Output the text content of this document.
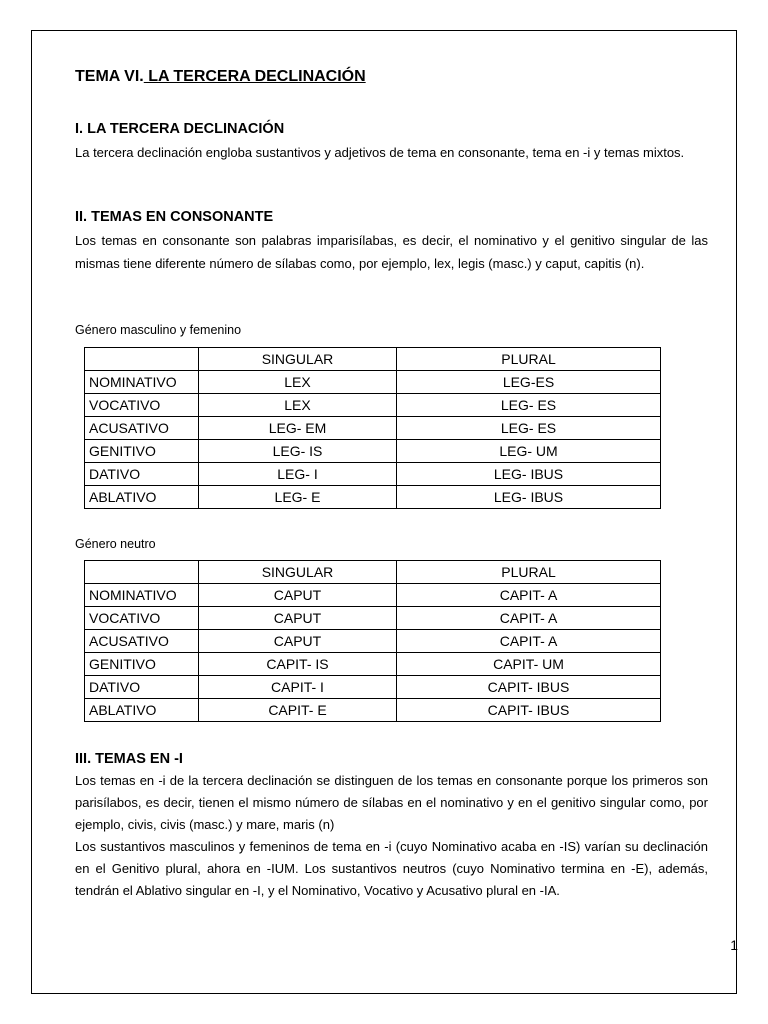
TEMA VI. LA TERCERA DECLINACIÓN
I. LA TERCERA DECLINACIÓN
La tercera declinación engloba sustantivos y adjetivos de tema en consonante, tema en -i y temas mixtos.
II. TEMAS EN CONSONANTE
Los temas en consonante son palabras imparisílabas, es decir, el nominativo y el genitivo singular de las mismas tiene diferente número de sílabas como, por ejemplo, lex, legis (masc.) y caput, capitis (n).
Género masculino y femenino
	SINGULAR	PLURAL
NOMINATIVO	LEX	LEG-ES
VOCATIVO	LEX	LEG- ES
ACUSATIVO	LEG- EM	LEG- ES
GENITIVO	LEG- IS	LEG- UM
DATIVO	LEG- I	LEG- IBUS
ABLATIVO	LEG- E	LEG- IBUS
Género neutro
	SINGULAR	PLURAL
NOMINATIVO	CAPUT	CAPIT- A
VOCATIVO	CAPUT	CAPIT- A
ACUSATIVO	CAPUT	CAPIT- A
GENITIVO	CAPIT- IS	CAPIT- UM
DATIVO	CAPIT- I	CAPIT- IBUS
ABLATIVO	CAPIT- E	CAPIT- IBUS
III. TEMAS EN -I
Los temas en -i de la tercera declinación se distinguen de los temas en consonante porque los primeros son parisílabos, es decir, tienen el mismo número de sílabas en el nominativo y en el genitivo singular como, por ejemplo, civis, civis (masc.) y mare, maris (n)
Los sustantivos masculinos y femeninos de tema en -i (cuyo Nominativo acaba en -IS) varían su declinación en el Genitivo plural, ahora en -IUM. Los sustantivos neutros (cuyo Nominativo termina en -E), además, tendrán el Ablativo singular en -I, y el Nominativo, Vocativo y Acusativo plural en -IA.
1
